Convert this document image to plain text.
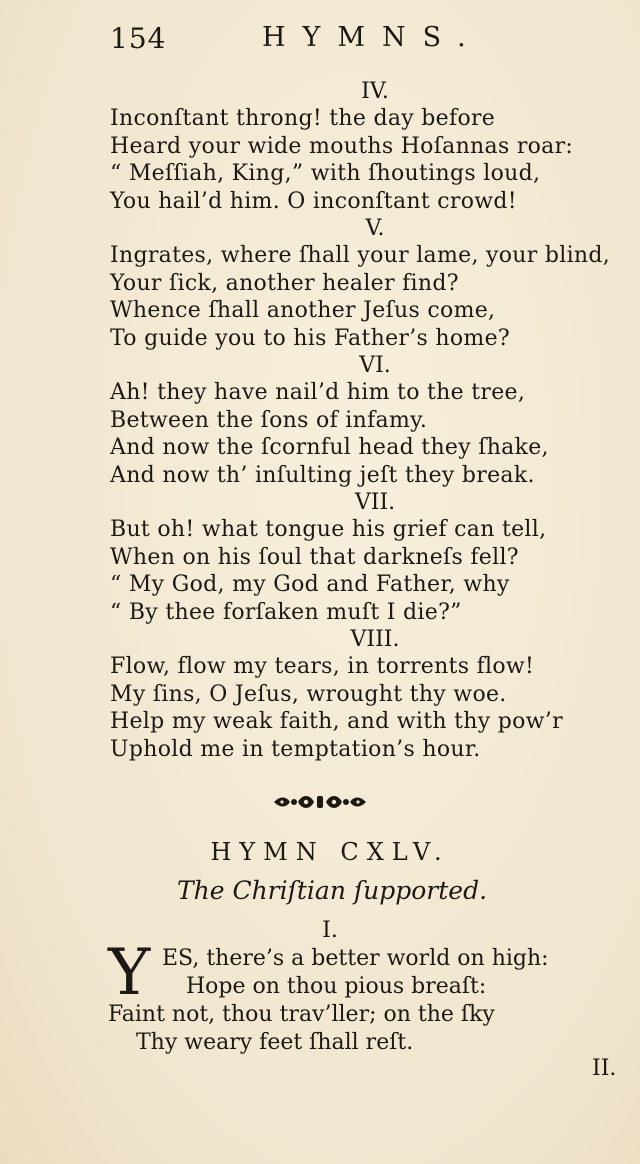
154	HYMNS.
IV.
Inconſtant throng! the day before
Heard your wide mouths Hoſannas roar:
“ Meſſiah, King,” with ſhoutings loud,
You hail’d him. O inconſtant crowd!
V.
Ingrates, where ſhall your lame, your blind,
Your ſick, another healer find?
Whence ſhall another Jeſus come,
To guide you to his Father’s home?
VI.
Ah! they have nail’d him to the tree,
Between the ſons of infamy.
And now the ſcornful head they ſhake,
And now th’ inſulting jeſt they break.
VII.
But oh! what tongue his grief can tell,
When on his ſoul that darkneſs fell?
“ My God, my God and Father, why
“ By thee forſaken muſt I die?”
VIII.
Flow, flow my tears, in torrents flow!
My ſins, O Jeſus, wrought thy woe.
Help my weak faith, and with thy pow’r
Uphold me in temptation’s hour.
HYMN CXLV.
The Chriſtian ſupported.
I.
Y ES, there’s a better world on high:
Hope on thou pious breaſt:
Faint not, thou trav’ller; on the ſky
Thy weary feet ſhall reſt.
II.
